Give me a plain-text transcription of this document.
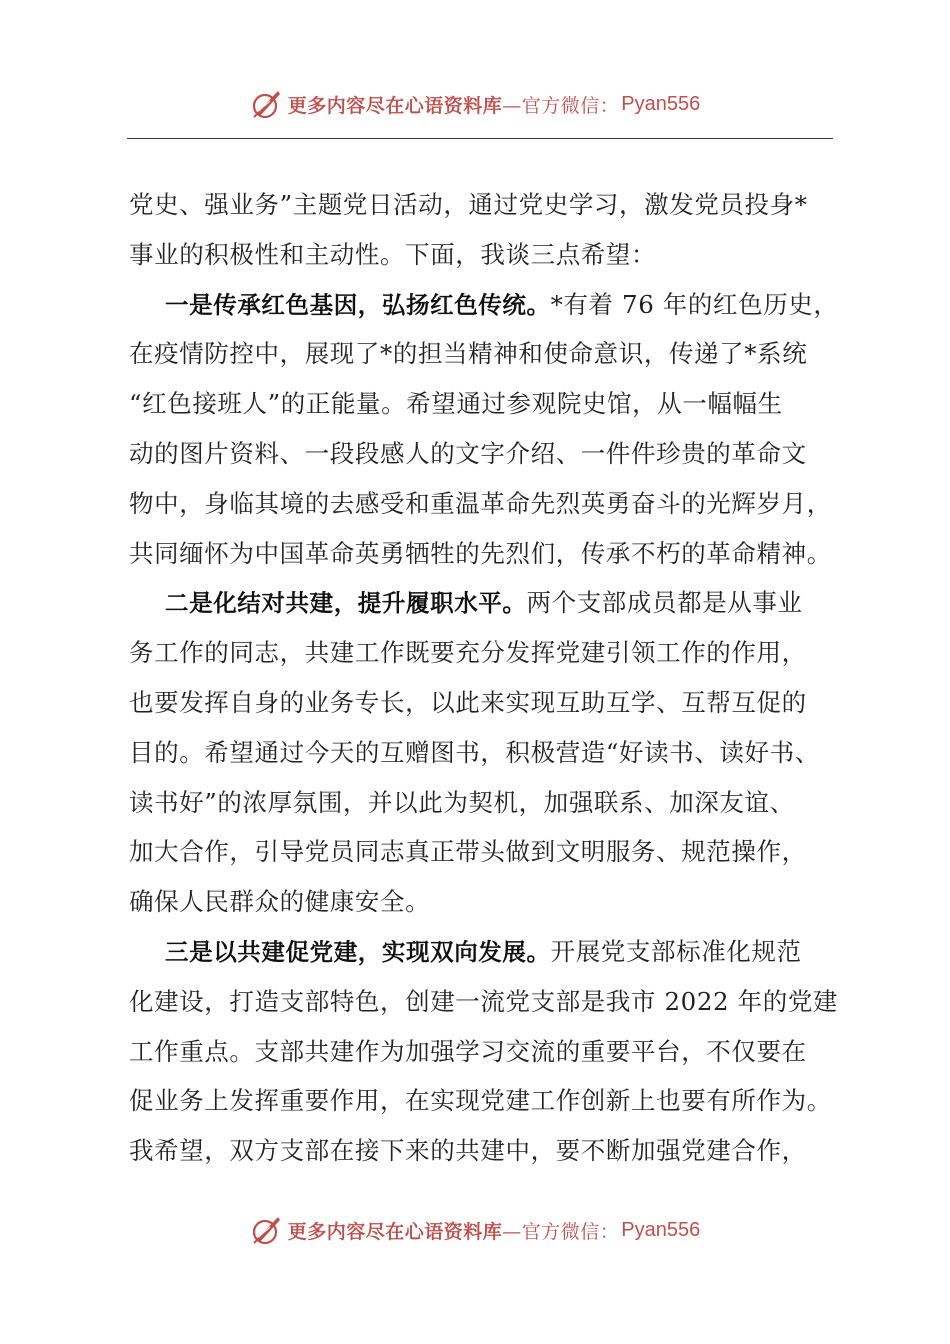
更多内容尽在心语资料库 —官方微信： Pyan556
党史、强业务”主题党日活动，通过党史学习，激发党员投身*
事业的积极性和主动性。下面，我谈三点希望：
一是传承红色基因，弘扬红色传统。*有着 76 年的红色历史，
在疫情防控中，展现了*的担当精神和使命意识，传递了*系统
“红色接班人”的正能量。希望通过参观院史馆，从一幅幅生
动的图片资料、一段段感人的文字介绍、一件件珍贵的革命文
物中，身临其境的去感受和重温革命先烈英勇奋斗的光辉岁月，
共同缅怀为中国革命英勇牺牲的先烈们，传承不朽的革命精神。
二是化结对共建，提升履职水平。两个支部成员都是从事业
务工作的同志，共建工作既要充分发挥党建引领工作的作用，
也要发挥自身的业务专长，以此来实现互助互学、互帮互促的
目的。希望通过今天的互赠图书，积极营造“好读书、读好书、
读书好”的浓厚氛围，并以此为契机，加强联系、加深友谊、
加大合作，引导党员同志真正带头做到文明服务、规范操作，
确保人民群众的健康安全。
三是以共建促党建，实现双向发展。开展党支部标准化规范
化建设，打造支部特色，创建一流党支部是我市 2022 年的党建
工作重点。支部共建作为加强学习交流的重要平台，不仅要在
促业务上发挥重要作用，在实现党建工作创新上也要有所作为。
我希望，双方支部在接下来的共建中，要不断加强党建合作，
更多内容尽在心语资料库 —官方微信： Pyan556
